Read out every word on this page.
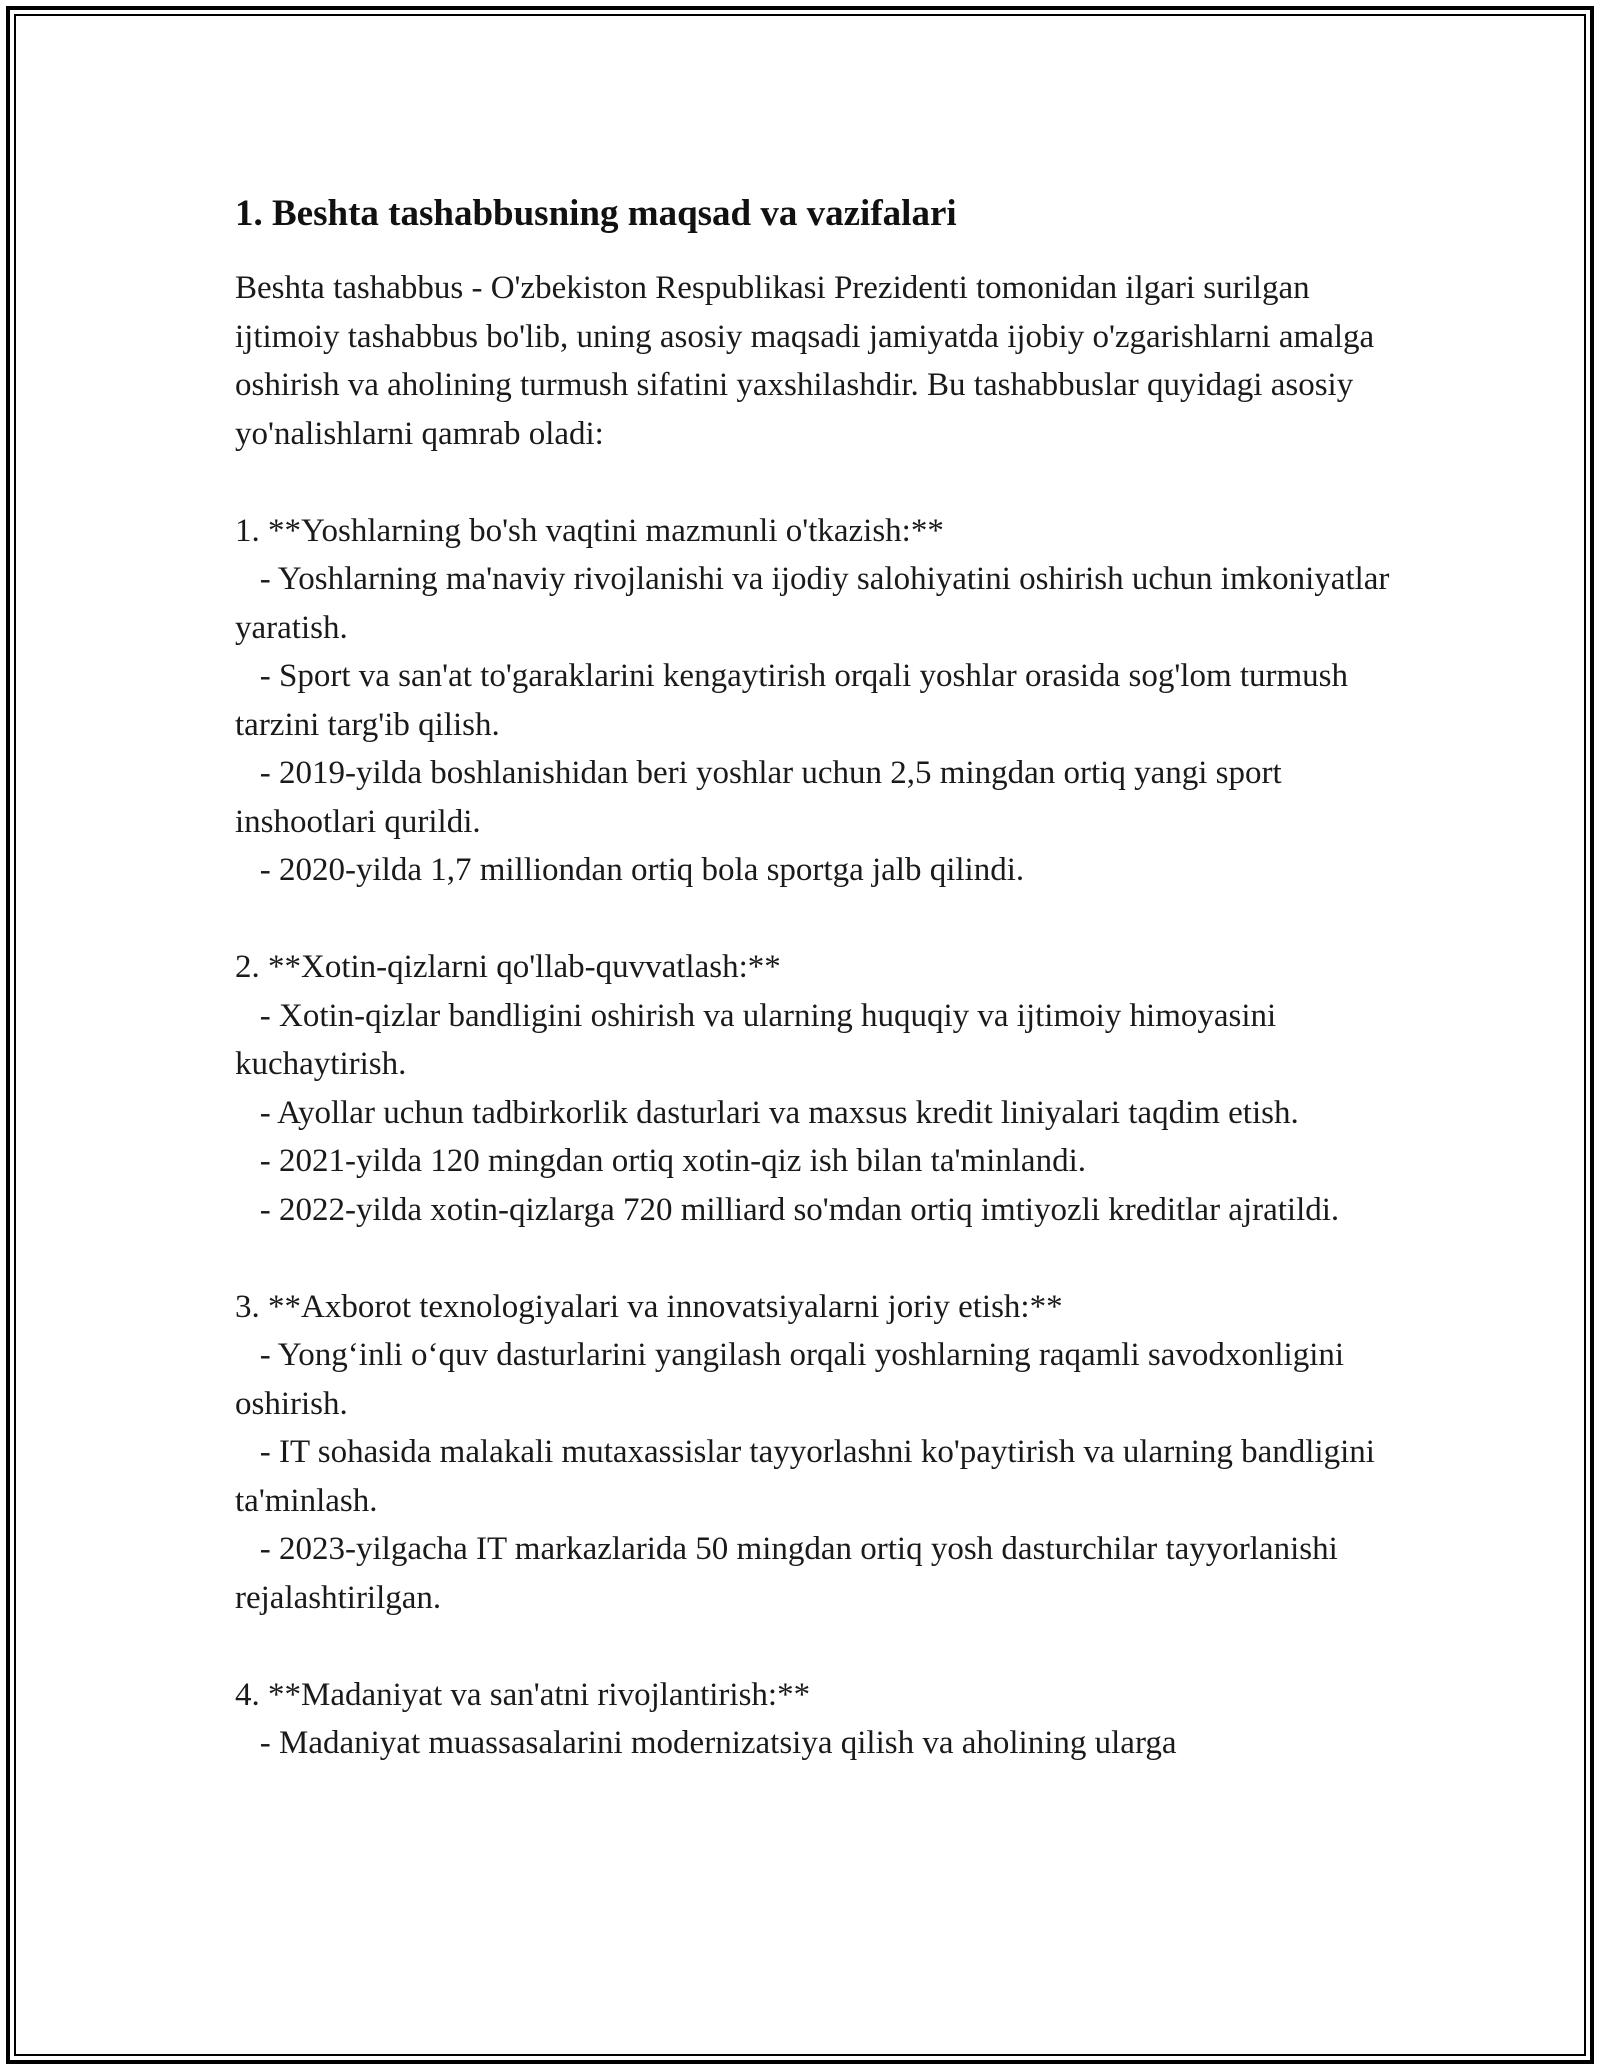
1. Beshta tashabbusning maqsad va vazifalari

Beshta tashabbus - O'zbekiston Respublikasi Prezidenti tomonidan ilgari surilgan ijtimoiy tashabbus bo'lib, uning asosiy maqsadi jamiyatda ijobiy o'zgarishlarni amalga oshirish va aholining turmush sifatini yaxshilashdir. Bu tashabbuslar quyidagi asosiy yo'nalishlarni qamrab oladi:

1. **Yoshlarning bo'sh vaqtini mazmunli o'tkazish:**

- Yoshlarning ma'naviy rivojlanishi va ijodiy salohiyatini oshirish uchun imkoniyatlar yaratish.

- Sport va san'at to'garaklarini kengaytirish orqali yoshlar orasida sog'lom turmush tarzini targ'ib qilish.

- 2019-yilda boshlanishidan beri yoshlar uchun 2,5 mingdan ortiq yangi sport inshootlari qurildi.

- 2020-yilda 1,7 milliondan ortiq bola sportga jalb qilindi.

2. **Xotin-qizlarni qo'llab-quvvatlash:**

- Xotin-qizlar bandligini oshirish va ularning huquqiy va ijtimoiy himoyasini kuchaytirish.

- Ayollar uchun tadbirkorlik dasturlari va maxsus kredit liniyalari taqdim etish.

- 2021-yilda 120 mingdan ortiq xotin-qiz ish bilan ta'minlandi.

- 2022-yilda xotin-qizlarga 720 milliard so'mdan ortiq imtiyozli kreditlar ajratildi.

3. **Axborot texnologiyalari va innovatsiyalarni joriy etish:**

- Yong‘inli o‘quv dasturlarini yangilash orqali yoshlarning raqamli savodxonligini oshirish.

- IT sohasida malakali mutaxassislar tayyorlashni ko'paytirish va ularning bandligini ta'minlash.

- 2023-yilgacha IT markazlarida 50 mingdan ortiq yosh dasturchilar tayyorlanishi rejalashtirilgan.

4. **Madaniyat va san'atni rivojlantirish:**

- Madaniyat muassasalarini modernizatsiya qilish va aholining ularga
